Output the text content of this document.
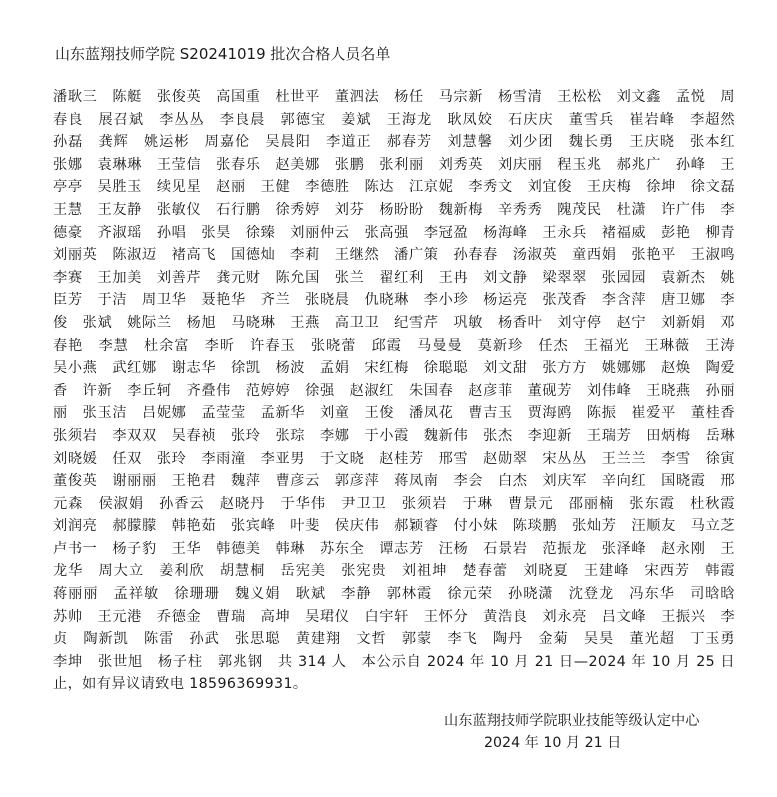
山东蓝翔技师学院 S20241019 批次合格人员名单
潘耿三　陈艇　张俊英　高国重　杜世平　董泗法　杨任　马宗新　杨雪清　王松松　刘文鑫　孟悦　周春良　展召斌　李丛丛　李良晨　郭德宝　姜斌　王海龙　耿凤姣　石庆庆　董雪兵　崔岩峰　李超然　孙磊　龚辉　姚运彬　周嘉伦　吴晨阳　李道正　郝春芳　刘慧馨　刘少团　魏长勇　王庆晓　张本红　张娜　袁琳琳　王莹信　张春乐　赵美娜　张鹏　张利丽　刘秀英　刘庆丽　程玉兆　郝兆广　孙峰　王亭亭　吴胜玉　续见星　赵丽　王健　李德胜　陈达　江京妮　李秀文　刘宜俊　王庆梅　徐坤　徐文磊　王慧　王友静　张敏仪　石行鹏　徐秀婷　刘芬　杨盼盼　魏新梅　辛秀秀　隗茂民　杜潇　许广伟　李德豪　齐淑瑶　孙唱　张昊　徐臻　刘丽仲云　张高强　李冠盈　杨海峰　王永兵　褚福威　彭艳　柳青　刘丽英　陈淑迈　褚高飞　国德灿　李莉　王继然　潘广策　孙春春　汤淑英　童西娟　张艳平　王淑鸣　李赛　王加美　刘善芹　龚元财　陈允国　张兰　翟红利　王冉　刘文静　梁翠翠　张园园　袁新杰　姚臣芳　于洁　周卫华　聂艳华　齐兰　张晓晨　仇晓琳　李小珍　杨运亮　张茂香　李含萍　唐卫娜　李俊　张斌　姚际兰　杨旭　马晓琳　王燕　高卫卫　纪雪芹　巩敏　杨香叶　刘守停　赵宁　刘新娟　邓春艳　李慧　杜余富　李昕　许春玉　张晓蕾　邱霞　马曼曼　莫新珍　任杰　王福光　王琳薇　王涛　吴小燕　武红娜　谢志华　徐凯　杨波　孟娟　宋红梅　徐聪聪　刘文甜　张方方　姚娜娜　赵焕　陶爱香　许新　李丘轲　齐叠伟　范婷婷　徐强　赵淑红　朱国春　赵彦菲　董砚芳　刘伟峰　王晓燕　孙丽丽　张玉洁　吕妮娜　孟莹莹　孟新华　刘童　王俊　潘凤花　曹吉玉　贾海鸥　陈振　崔爱平　董桂香　张须岩　李双双　吴春祯　张玲　张琮　李娜　于小霞　魏新伟　张杰　李迎新　王瑞芳　田炳梅　岳琳　刘晓媛　任双　张玲　李雨潼　李亚男　于文晓　赵桂芳　邢雪　赵勋翠　宋丛丛　王兰兰　李雪　徐寅　董俊英　谢丽丽　王艳君　魏萍　曹彦云　郭彦萍　蒋凤南　李会　白杰　刘庆军　辛向红　国晓霞　邢元森　侯淑娟　孙香云　赵晓丹　于华伟　尹卫卫　张须岩　于琳　曹景元　邵丽楠　张东霞　杜秋霞　刘润亮　郝朦朦　韩艳茹　张宾峰　叶斐　侯庆伟　郝颖睿　付小妹　陈琰鹏　张灿芳　汪顺友　马立芝　卢书一　杨子豹　王华　韩德美　韩琳　苏东全　谭志芳　汪杨　石景岩　范振龙　张泽峰　赵永刚　王龙华　周大立　姜利欣　胡慧桐　岳宪美　张宪贵　刘祖坤　楚春蕾　刘晓夏　王建峰　宋西芳　韩霞　蒋丽丽　孟祥敏　徐珊珊　魏义娟　耿斌　李静　郭林霞　徐元荣　孙晓潇　沈登龙　冯东华　司晗晗　苏帅　王元港　乔德金　曹瑞　高坤　吴珺仪　白宇轩　王怀分　黄浩良　刘永亮　吕文峰　王振兴　李贞　陶新凯　陈雷　孙武　张思聪　黄建翔　文哲　郭蒙　李飞　陶丹　金菊　吴昊　董光超　丁玉勇　李坤　张世旭　杨子柱　郭兆钢　共 314 人　本公示自 2024 年 10 月 21 日—2024 年 10 月 25 日止，如有异议请致电 18596369931。
山东蓝翔技师学院职业技能等级认定中心
2024 年 10 月 21 日
